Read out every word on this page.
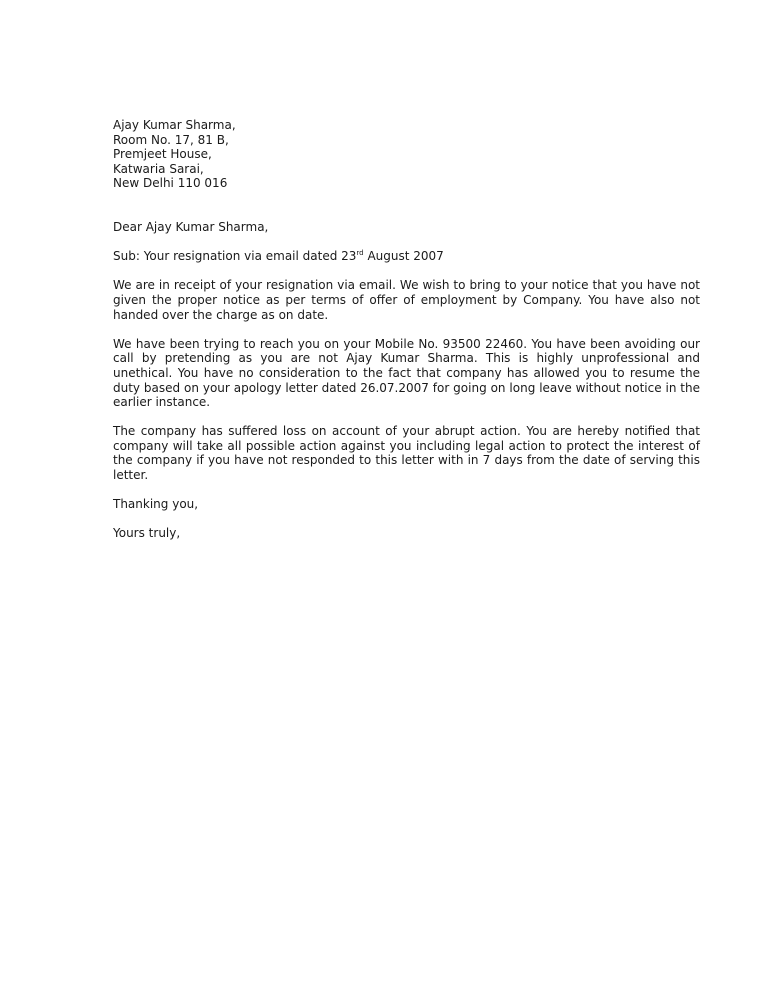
Ajay Kumar Sharma,
Room No. 17, 81 B,
Premjeet House,
Katwaria Sarai,
New Delhi 110 016
Dear Ajay Kumar Sharma,
Sub: Your resignation via email dated 23rd August 2007

We are in receipt of your resignation via email. We wish to bring to your notice that you have not given the proper notice as per terms of offer of employment by Company. You have also not handed over the charge as on date.

We have been trying to reach you on your Mobile No. 93500 22460. You have been avoiding our call by pretending as you are not Ajay Kumar Sharma. This is highly unprofessional and unethical. You have no consideration to the fact that company has allowed you to resume the duty based on your apology letter dated 26.07.2007 for going on long leave without notice in the earlier instance.

The company has suffered loss on account of your abrupt action. You are hereby notified that company will take all possible action against you including legal action to protect the interest of the company if you have not responded to this letter with in 7 days from the date of serving this letter.

Thanking you,
Yours truly,
